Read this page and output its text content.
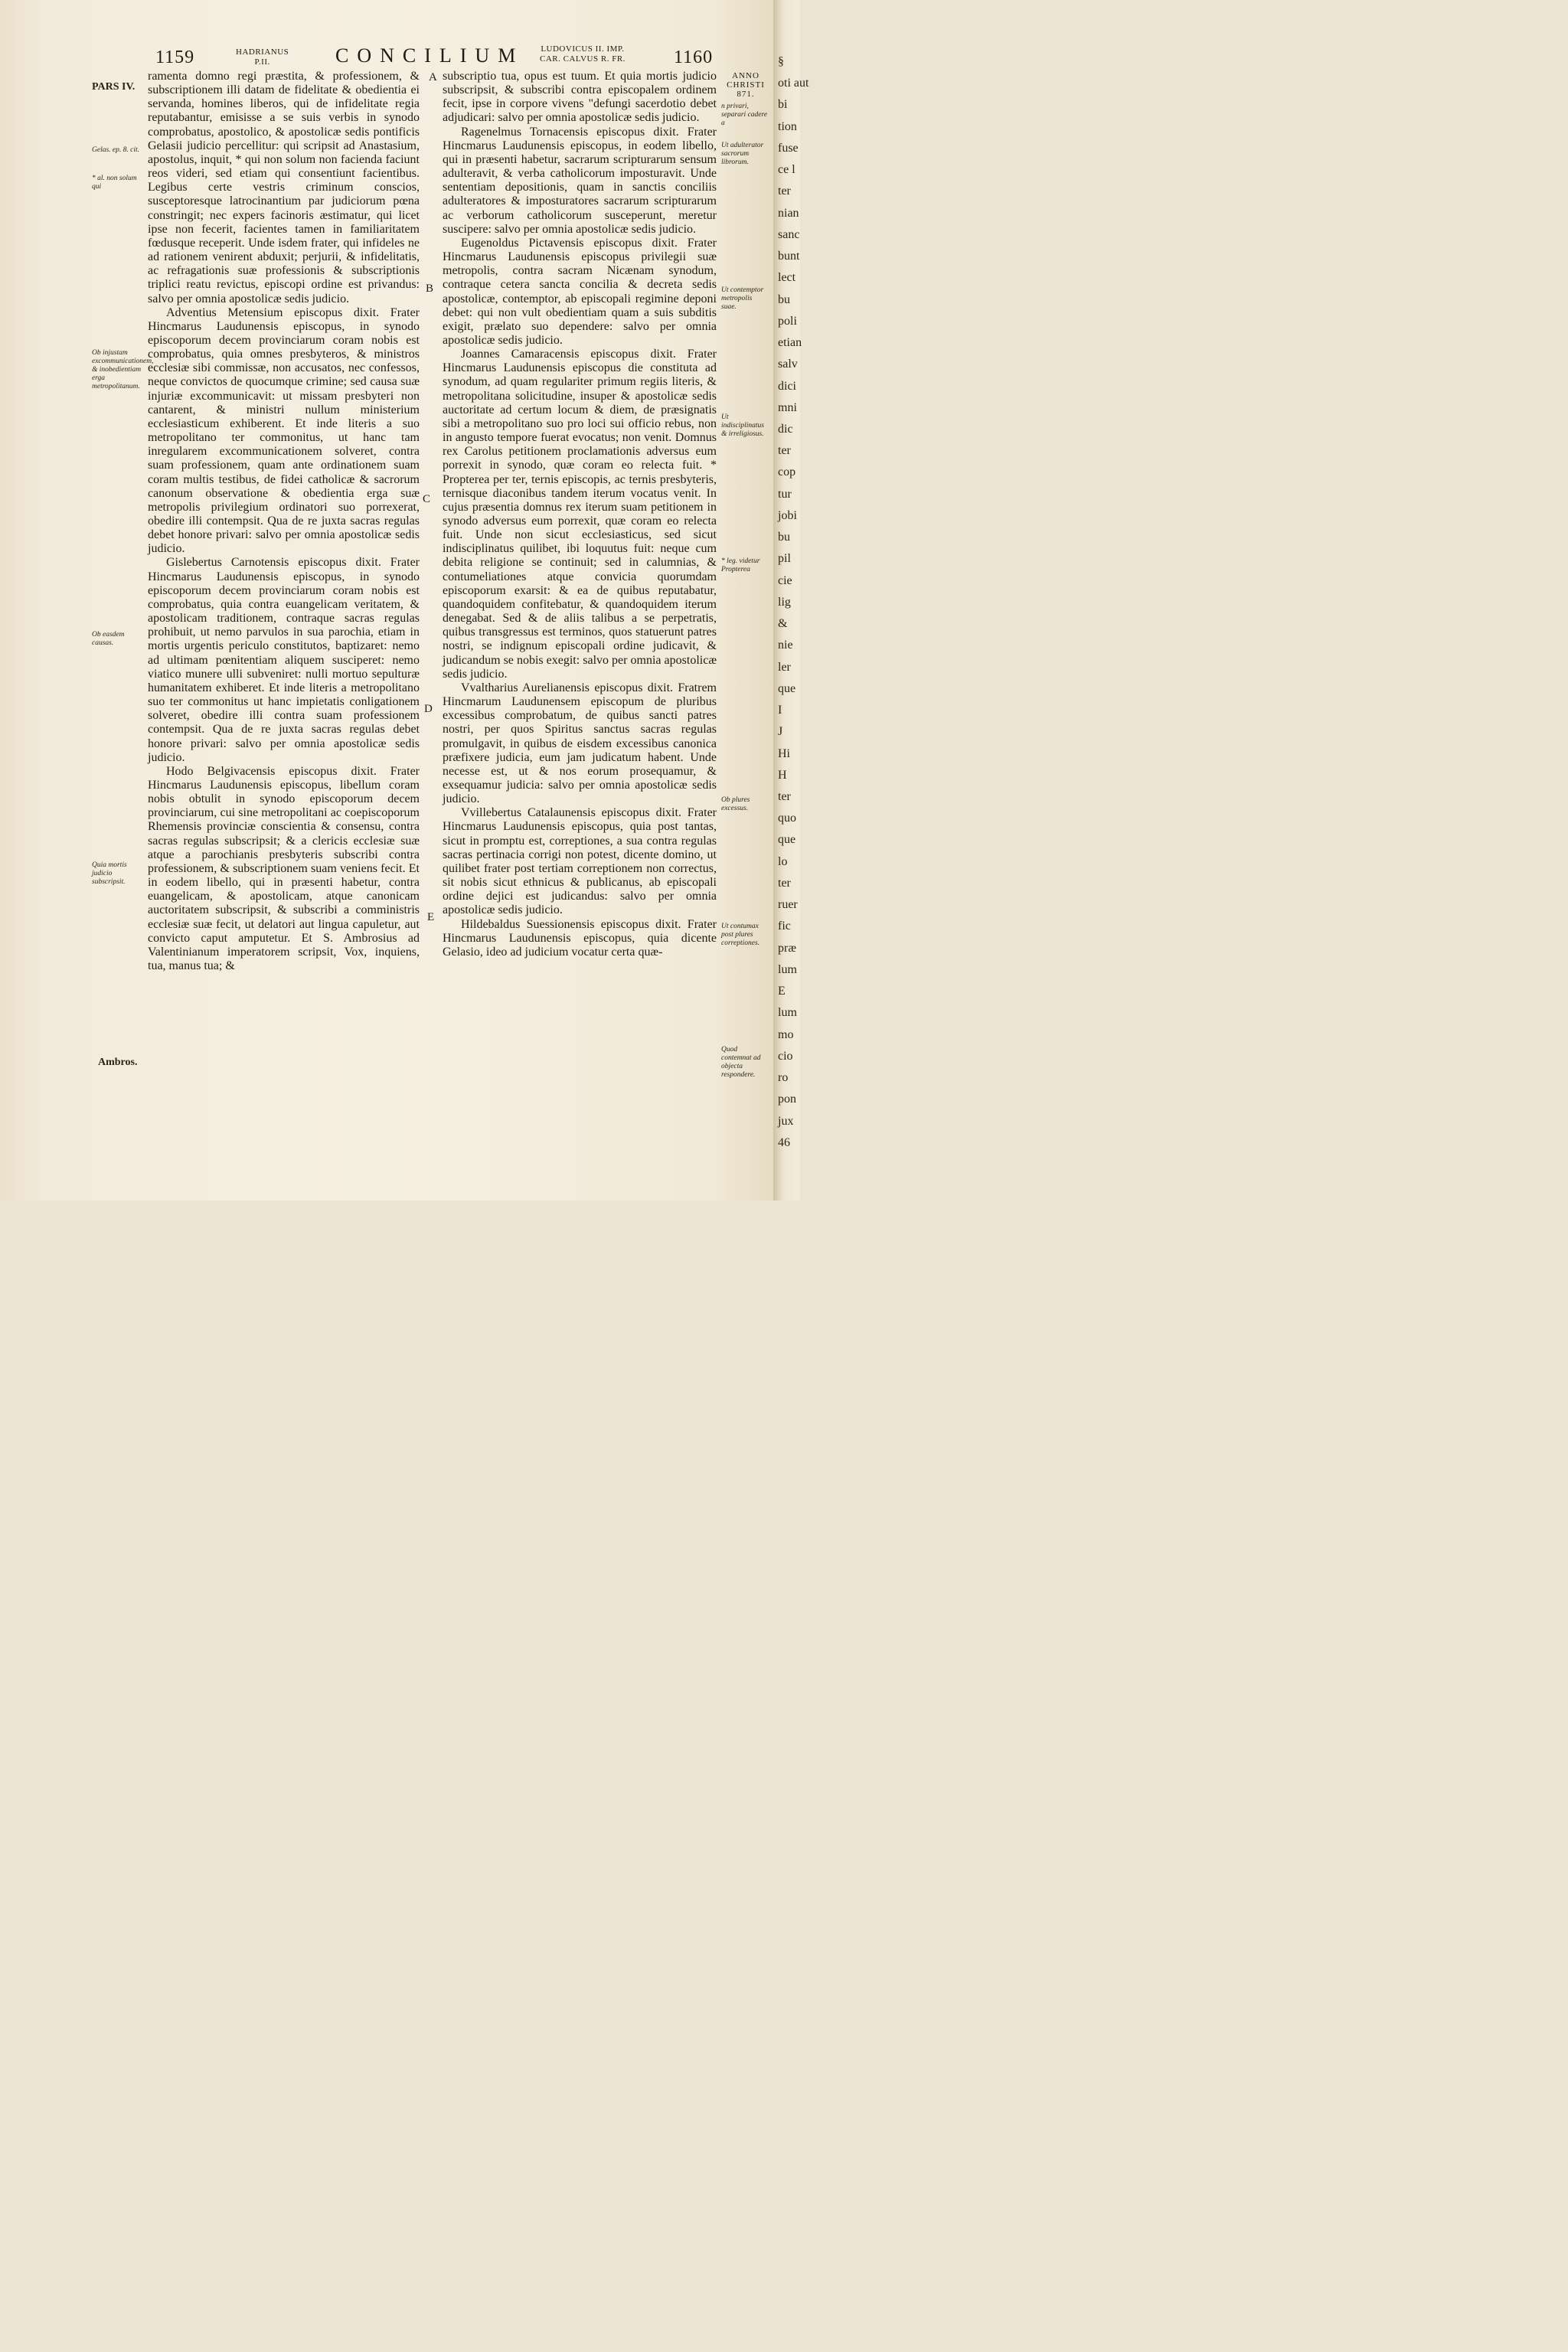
1159	HADRIANUS
P.II.	CONCILIUM LUDOVICUS II. IMP.
CAR. CALVUS R. FR.	1160
ANNO
CHRISTI
871.
PARS IV.
Gelas. ep. 8. cit.
* al. non solum qui
Ob injustam excommunicationem, & inobedientiam erga metropolitanum.
Ob easdem causas.
Quia mortis judicio subscripsit.
Ambros.
n privari, separari cadere a
Ut adulterator sacrorum librorum.
Ut contemptor metropolis suae.
Ut indisciplinatus & irreligiosus.
* leg. videtur Propterea
Ob plures excessus.
Ut contumax post plures correptiones.
Quod contemnat ad objecta respondere.
A
B
C
D
E

ramenta domno regi præstita, & professionem, & subscriptionem illi datam de fidelitate & obedientia ei servanda, homines liberos, qui de infidelitate regia reputabantur, emisisse a se suis verbis in synodo comprobatus, apostolico, & apostolicæ sedis pontificis Gelasii judicio percellitur: qui scripsit ad Anastasium, apostolus, inquit, * qui non solum non facienda faciunt reos videri, sed etiam qui consentiunt facientibus. Legibus certe vestris criminum conscios, susceptoresque latrocinantium par judiciorum pœna constringit; nec expers facinoris æstimatur, qui licet ipse non fecerit, facientes tamen in familiaritatem fœdusque receperit. Unde isdem frater, qui infideles ne ad rationem venirent abduxit; perjurii, & infidelitatis, ac refragationis suæ professionis & subscriptionis triplici reatu revictus, episcopi ordine est privandus: salvo per omnia apostolicæ sedis judicio.

Adventius Metensium episcopus dixit. Frater Hincmarus Laudunensis episcopus, in synodo episcoporum decem provinciarum coram nobis est comprobatus, quia omnes presbyteros, & ministros ecclesiæ sibi commissæ, non accusatos, nec confessos, neque convictos de quocumque crimine; sed causa suæ injuriæ excommunicavit: ut missam presbyteri non cantarent, & ministri nullum ministerium ecclesiasticum exhiberent. Et inde literis a suo metropolitano ter commonitus, ut hanc tam inregularem excommunicationem solveret, contra suam professionem, quam ante ordinationem suam coram multis testibus, de fidei catholicæ & sacrorum canonum observatione & obedientia erga suæ metropolis privilegium ordinatori suo porrexerat, obedire illi contempsit. Qua de re juxta sacras regulas debet honore privari: salvo per omnia apostolicæ sedis judicio.

Gislebertus Carnotensis episcopus dixit. Frater Hincmarus Laudunensis episcopus, in synodo episcoporum decem provinciarum coram nobis est comprobatus, quia contra euangelicam veritatem, & apostolicam traditionem, contraque sacras regulas prohibuit, ut nemo parvulos in sua parochia, etiam in mortis urgentis periculo constitutos, baptizaret: nemo ad ultimam pœnitentiam aliquem susciperet: nemo viatico munere ulli subveniret: nulli mortuo sepulturæ humanitatem exhiberet. Et inde literis a metropolitano suo ter commonitus ut hanc impietatis conligationem solveret, obedire illi contra suam professionem contempsit. Qua de re juxta sacras regulas debet honore privari: salvo per omnia apostolicæ sedis judicio.

Hodo Belgivacensis episcopus dixit. Frater Hincmarus Laudunensis episcopus, libellum coram nobis obtulit in synodo episcoporum decem provinciarum, cui sine metropolitani ac coepiscoporum Rhemensis provinciæ conscientia & consensu, contra sacras regulas subscripsit; & a clericis ecclesiæ suæ atque a parochianis presbyteris subscribi contra professionem, & subscriptionem suam veniens fecit. Et in eodem libello, qui in præsenti habetur, contra euangelicam, & apostolicam, atque canonicam auctoritatem subscripsit, & subscribi a comministris ecclesiæ suæ fecit, ut delatori aut lingua capuletur, aut convicto caput amputetur. Et S. Ambrosius ad Valentinianum imperatorem scripsit, Vox, inquiens, tua, manus tua; &

subscriptio tua, opus est tuum. Et quia mortis judicio subscripsit, & subscribi contra episcopalem ordinem fecit, ipse in corpore vivens "defungi sacerdotio debet adjudicari: salvo per omnia apostolicæ sedis judicio.

Ragenelmus Tornacensis episcopus dixit. Frater Hincmarus Laudunensis episcopus, in eodem libello, qui in præsenti habetur, sacrarum scripturarum sensum adulteravit, & verba catholicorum imposturavit. Unde sententiam depositionis, quam in sanctis conciliis adulteratores & imposturatores sacrarum scripturarum ac verborum catholicorum susceperunt, meretur suscipere: salvo per omnia apostolicæ sedis judicio.

Eugenoldus Pictavensis episcopus dixit. Frater Hincmarus Laudunensis episcopus privilegii suæ metropolis, contra sacram Nicænam synodum, contraque cetera sancta concilia & decreta sedis apostolicæ, contemptor, ab episcopali regimine deponi debet: qui non vult obedientiam quam a suis subditis exigit, prælato suo dependere: salvo per omnia apostolicæ sedis judicio.

Joannes Camaracensis episcopus dixit. Frater Hincmarus Laudunensis episcopus die constituta ad synodum, ad quam regulariter primum regiis literis, & metropolitana solicitudine, insuper & apostolicæ sedis auctoritate ad certum locum & diem, de præsignatis sibi a metropolitano suo pro loci sui officio rebus, non in angusto tempore fuerat evocatus; non venit. Domnus rex Carolus petitionem proclamationis adversus eum porrexit in synodo, quæ coram eo relecta fuit. * Propterea per ter, ternis episcopis, ac ternis presbyteris, ternisque diaconibus tandem iterum vocatus venit. In cujus præsentia domnus rex iterum suam petitionem in synodo adversus eum porrexit, quæ coram eo relecta fuit. Unde non sicut ecclesiasticus, sed sicut indisciplinatus quilibet, ibi loquutus fuit: neque cum debita religione se continuit; sed in calumnias, & contumeliationes atque convicia quorumdam episcoporum exarsit: & ea de quibus reputabatur, quandoquidem confitebatur, & quandoquidem iterum denegabat. Sed & de aliis talibus a se perpetratis, quibus transgressus est terminos, quos statuerunt patres nostri, se indignum episcopali ordine judicavit, & judicandum se nobis exegit: salvo per omnia apostolicæ sedis judicio.

Vvaltharius Aurelianensis episcopus dixit. Fratrem Hincmarum Laudunensem episcopum de pluribus excessibus comprobatum, de quibus sancti patres nostri, per quos Spiritus sanctus sacras regulas promulgavit, in quibus de eisdem excessibus canonica præfixere judicia, eum jam judicatum habent. Unde necesse est, ut & nos eorum prosequamur, & exsequamur judicia: salvo per omnia apostolicæ sedis judicio.

Vvillebertus Catalaunensis episcopus dixit. Frater Hincmarus Laudunensis episcopus, quia post tantas, sicut in promptu est, correptiones, a sua contra regulas sacras pertinacia corrigi non potest, dicente domino, ut quilibet frater post tertiam correptionem non correctus, sit nobis sicut ethnicus & publicanus, ab episcopali ordine dejici est judicandus: salvo per omnia apostolicæ sedis judicio.

Hildebaldus Suessionensis episcopus dixit. Frater Hincmarus Laudunensis episcopus, quia dicente Gelasio, ideo ad judicium vocatur certa quæ-

§
oti aut
bi
tion
fuse
ce l
ter
nian
sanc
bunt
lect
bu
poli
etian
salv
dici
mni
dic
ter
cop
tur
jobi
bu
pil
cie
lig
&
nie
ler
que
I
J
Hi
H
ter
quo
que
lo
ter
ruer
fic
præ
lum
E
lum
mo
cio
ro
pon
jux
46
